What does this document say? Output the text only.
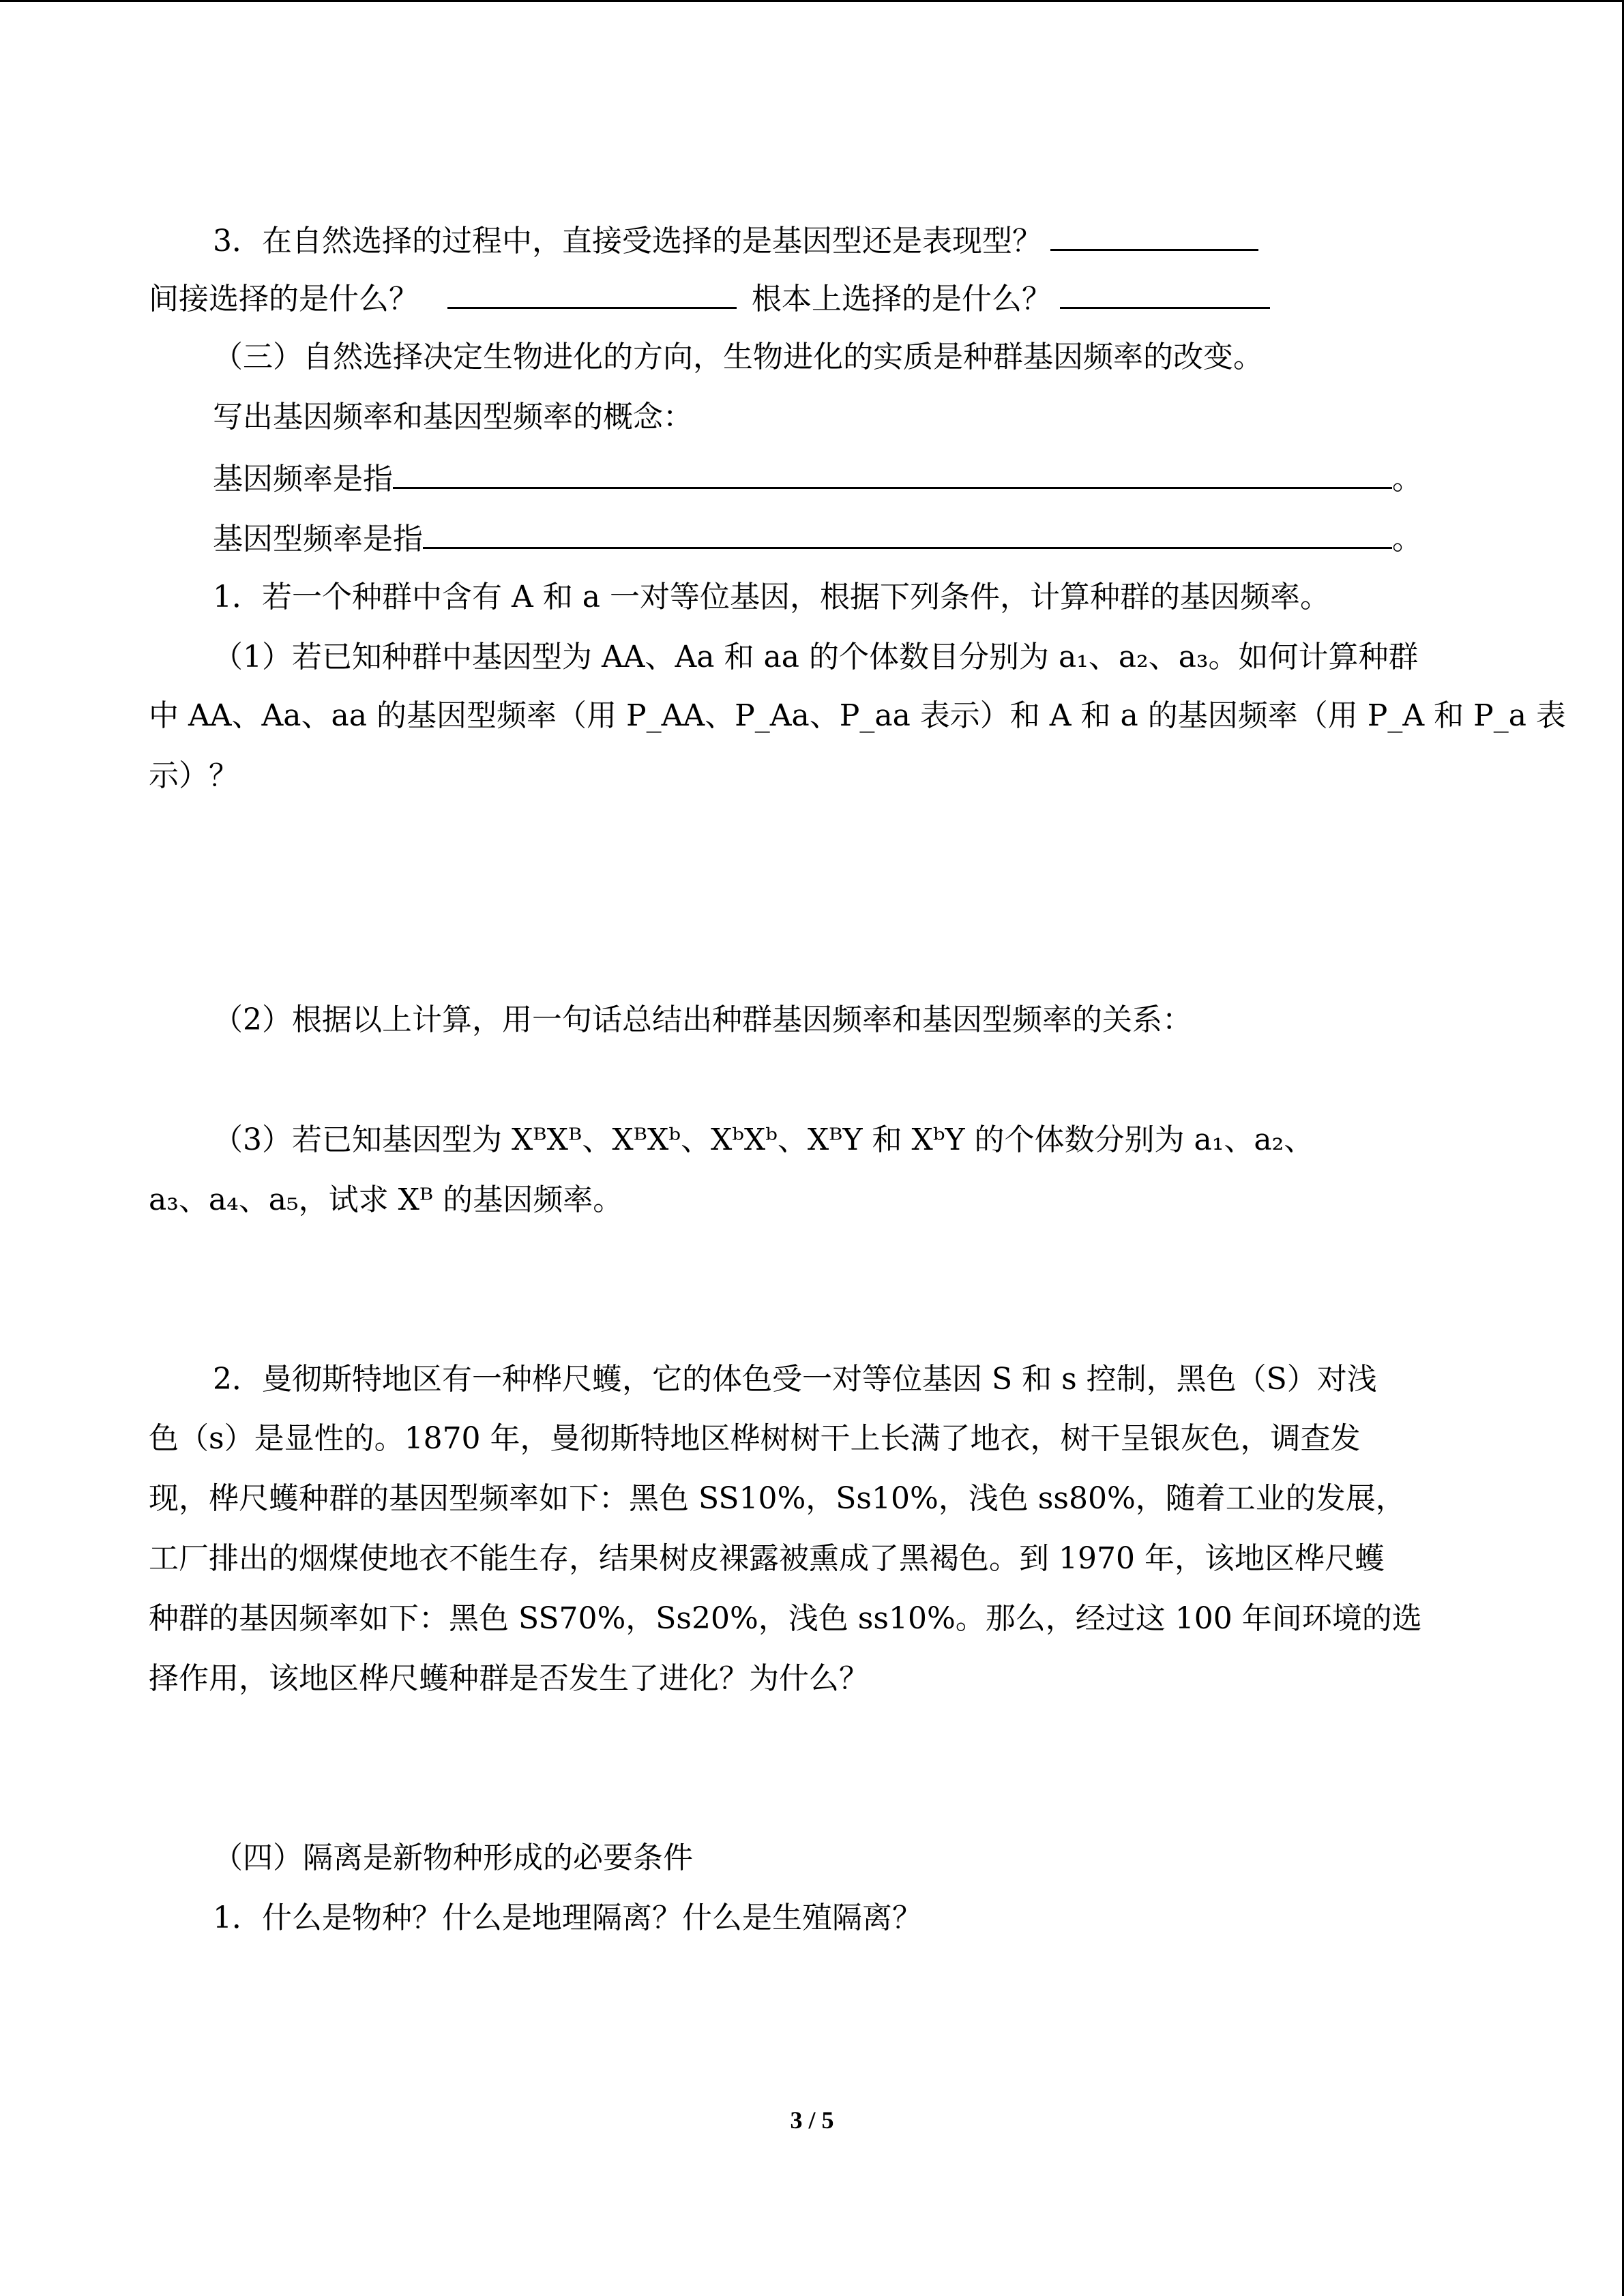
3．在自然选择的过程中，直接受选择的是基因型还是表现型？
间接选择的是什么？	根本上选择的是什么？
（三）自然选择决定生物进化的方向，生物进化的实质是种群基因频率的改变。
写出基因频率和基因型频率的概念：
基因频率是指	。
基因型频率是指	。
1．若一个种群中含有 A 和 a 一对等位基因，根据下列条件，计算种群的基因频率。
（1）若已知种群中基因型为 AA、Aa 和 aa 的个体数目分别为 a₁、a₂、a₃。如何计算种群
中 AA、Aa、aa 的基因型频率（用 P_AA、P_Aa、P_aa 表示）和 A 和 a 的基因频率（用 P_A 和 P_a 表
示）？
（2）根据以上计算，用一句话总结出种群基因频率和基因型频率的关系：
（3）若已知基因型为 XᴮXᴮ、XᴮXᵇ、XᵇXᵇ、XᴮY 和 XᵇY 的个体数分别为 a₁、a₂、
a₃、a₄、a₅，试求 Xᴮ 的基因频率。
2．曼彻斯特地区有一种桦尺蠖，它的体色受一对等位基因 S 和 s 控制，黑色（S）对浅
色（s）是显性的。1870 年，曼彻斯特地区桦树树干上长满了地衣，树干呈银灰色，调查发
现，桦尺蠖种群的基因型频率如下：黑色 SS10%，Ss10%，浅色 ss80%，随着工业的发展，
工厂排出的烟煤使地衣不能生存，结果树皮裸露被熏成了黑褐色。到 1970 年，该地区桦尺蠖
种群的基因频率如下：黑色 SS70%，Ss20%，浅色 ss10%。那么，经过这 100 年间环境的选
择作用，该地区桦尺蠖种群是否发生了进化？为什么？
（四）隔离是新物种形成的必要条件
1．什么是物种？什么是地理隔离？什么是生殖隔离？
3 / 5
